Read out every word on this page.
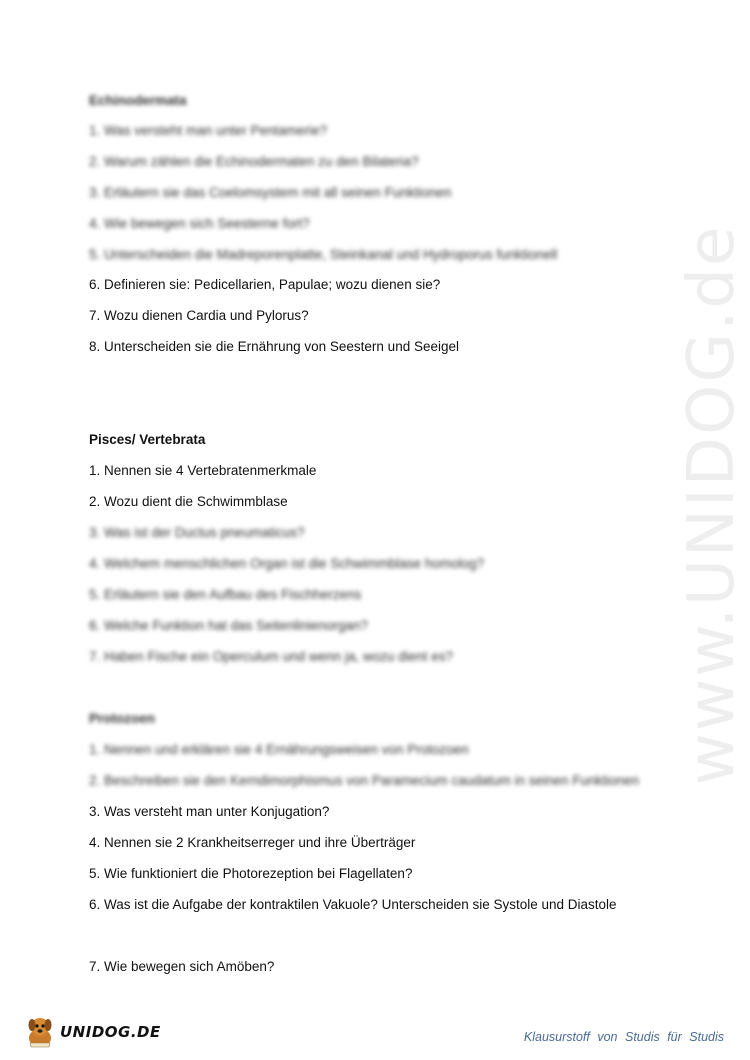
Echinodermata
1. Was versteht man unter Pentamerie?
2. Warum zählen die Echinodermaten zu den Bilateria?
3. Erläutern sie das Coelomsystem mit all seinen Funktionen
4. Wie bewegen sich Seesterne fort?
5. Unterscheiden die Madreporenplatte, Steinkanal und Hydroporus funktionell
6. Definieren sie: Pedicellarien, Papulae; wozu dienen sie?
7. Wozu dienen Cardia und Pylorus?
8. Unterscheiden sie die Ernährung von Seestern und Seeigel
Pisces/ Vertebrata
1. Nennen sie 4 Vertebratenmerkmale
2. Wozu dient die Schwimmblase
3. Was ist der Ductus pneumaticus?
4. Welchem menschlichen Organ ist die Schwimmblase homolog?
5. Erläutern sie den Aufbau des Fischherzens
6. Welche Funktion hat das Seitenlinienorgan?
7. Haben Fische ein Operculum und wenn ja, wozu dient es?
Protozoen
1. Nennen und erklären sie 4 Ernährungsweisen von Protozoen
2. Beschreiben sie den Kerndimorphismus von Paramecium caudatum in seinen Funktionen
3. Was versteht man unter Konjugation?
4. Nennen sie 2 Krankheitserreger und ihre Überträger
5. Wie funktioniert die Photorezeption bei Flagellaten?
6. Was ist die Aufgabe der kontraktilen Vakuole? Unterscheiden sie Systole und Diastole
7. Wie bewegen sich Amöben?
www.UNIDOG.de
UNIDOG.DE	Klausurstoff von Studis für Studis
